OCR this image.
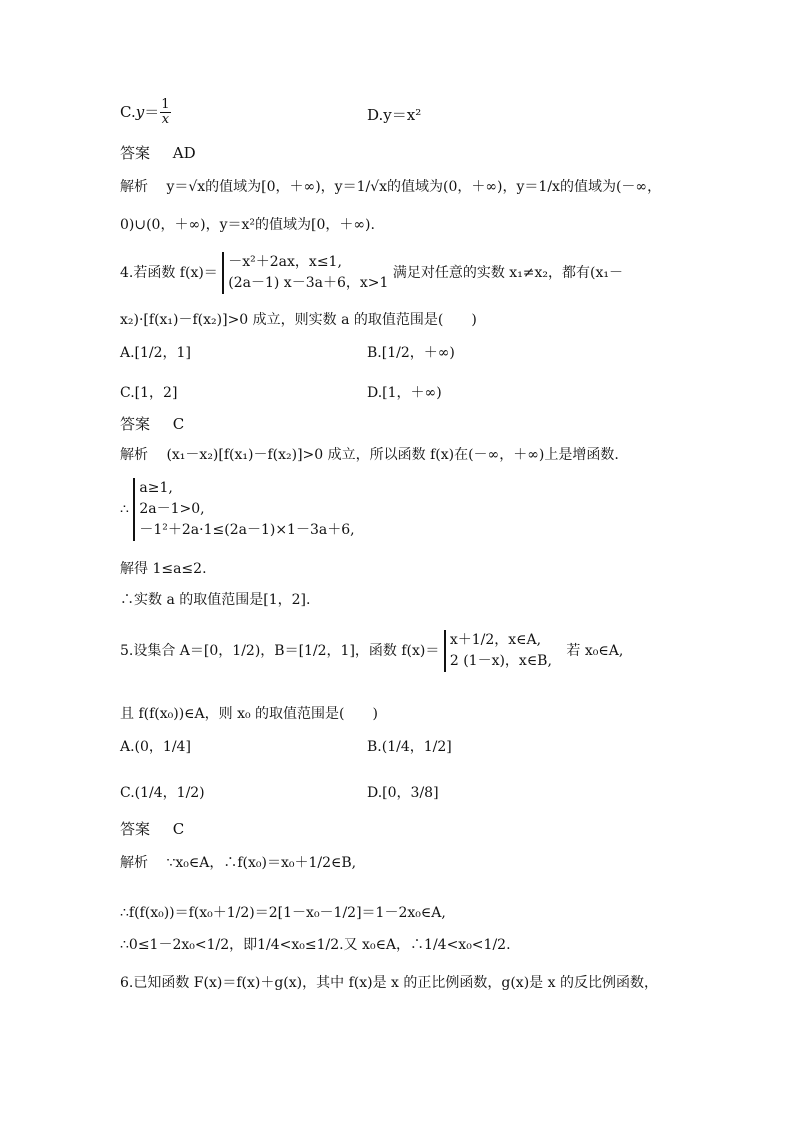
$C.y= \frac{1}{x}$	D.y＝x²
答案 AD
解析 y＝√x的值域为[0，＋∞)，y＝1/√x的值域为(0，＋∞)，y＝1/x的值域为(－∞，
0)∪(0，＋∞)，y＝x²的值域为[0，＋∞).
4.若函数 f(x)＝
－x²＋2ax，x≤1,
(2a－1) x－3a＋6，x>1
满足对任意的实数 x₁≠x₂，都有(x₁－
x₂)·[f(x₁)－f(x₂)]>0 成立，则实数 a 的取值范围是(　　)
A.[1/2，1]	B.[1/2，＋∞)
C.[1，2]	D.[1，＋∞)
答案 C
解析 (x₁－x₂)[f(x₁)－f(x₂)]>0 成立，所以函数 f(x)在(－∞，＋∞)上是增函数.
∴
a≥1,
2a－1>0,
－1²＋2a·1≤(2a－1)×1－3a＋6,
解得 1≤a≤2.
∴实数 a 的取值范围是[1，2].
5.设集合 A＝[0，1/2)，B＝[1/2，1]，函数 f(x)＝
x＋1/2，x∈A,
2 (1－x)，x∈B,
若 x₀∈A,
且 f(f(x₀))∈A，则 x₀ 的取值范围是(　　)
A.(0，1/4]	B.(1/4，1/2]
C.(1/4，1/2)	D.[0，3/8]
答案 C
解析 ∵x₀∈A，∴f(x₀)＝x₀＋1/2∈B,
∴f(f(x₀))＝f(x₀＋1/2)＝2[1－x₀－1/2]＝1－2x₀∈A,
∴0≤1－2x₀<1/2，即1/4<x₀≤1/2.又 x₀∈A，∴1/4<x₀<1/2.
6.已知函数 F(x)＝f(x)＋g(x)，其中 f(x)是 x 的正比例函数，g(x)是 x 的反比例函数，
